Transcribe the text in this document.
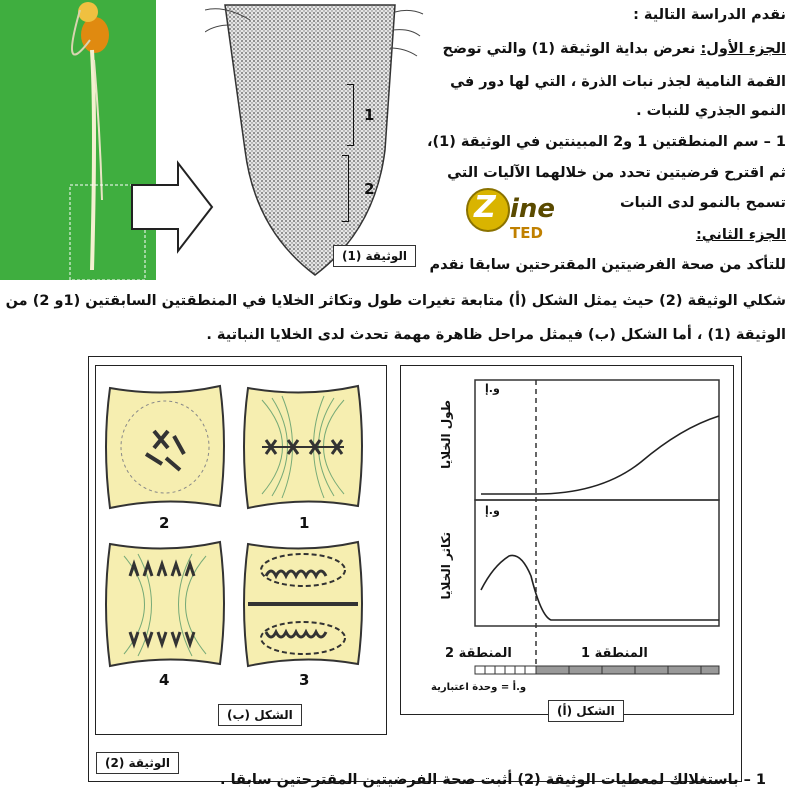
1
2
الوثيقة (1)
نقدم الدراسة التالية :
الجزء الأول: نعرض بداية الوثيقة (1) والتي توضح
القمة النامية لجذر نبات الذرة ، التي لها دور في
النمو الجذري للنبات .
1 – سم المنطقتين 1 و2 المبينتين في الوثيقة (1)،
ثم اقترح فرضيتين تحدد من خلالهما الآليات التي
تسمح بالنمو لدى النبات
Z ine
TED	الجزء الثاني:
للتأكد من صحة الفرضيتين المقترحتين سابقا نقدم
شكلي الوثيقة (2) حيث يمثل الشكل (أ) متابعة تغيرات طول وتكاثر الخلايا في المنطقتين السابقتين (1و 2) من
الوثيقة (1) ، أما الشكل (ب) فيمثل مراحل ظاهرة مهمة تحدث لدى الخلايا النباتية .
2	1
4	3
الشكل (ب)
و.إ
و.إ
طول الخلايا
تكاثر الخلايا
المنطقة 2	المنطقة 1
و.أ = وحدة اعتبارية
الشكل (أ)
الوثيقة (2)
1 – باستغلالك لمعطيات الوثيقة (2) أثبت صحة الفرضيتين المقترحتين سابقا .
